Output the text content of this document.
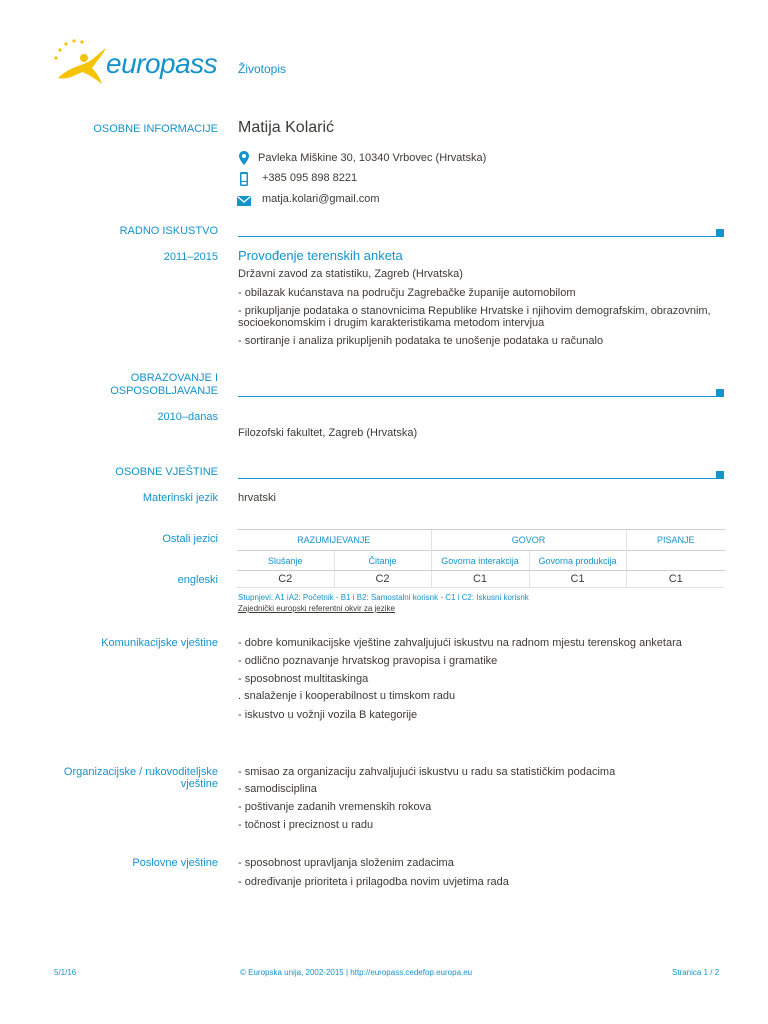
europass Životopis
OSOBNE INFORMACIJE Matija Kolarić
Pavleka Miškine 30, 10340 Vrbovec (Hrvatska)
+385 095 898 8221
matja.kolari@gmail.com
RADNO ISKUSTVO
2011–2015 Provođenje terenskih anketa
Državni zavod za statistiku, Zagreb (Hrvatska)
- obilazak kućanstava na području Zagrebačke županije automobilom
- prikupljanje podataka o stanovnicima Republike Hrvatske i njihovim demografskim, obrazovnim,
socioekonomskim i drugim karakteristikama metodom intervjua
- sortiranje i analiza prikupljenih podataka te unošenje podataka u računalo
OBRAZOVANJE I
OSPOSOBLJAVANJE
2010–danas
Filozofski fakultet, Zagreb (Hrvatska)
OSOBNE VJEŠTINE
Materinski jezik hrvatski
Ostali jezici
engleski
RAZUMIJEVANJE		GOVOR		PISANJE
Slušanje	Čitanje	Govorna interakcija	Govorna produkcija	
C2	C2	C1	C1	C1
Stupnjevi: A1 iA2: Početnik - B1 i B2: Samostalni korisnk - C1 i C2: Iskusni korisnk
Zajednički europski referentni okvir za jezike
Komunikacijske vještine - dobre komunikacijske vještine zahvaljujući iskustvu na radnom mjestu terenskog anketara
- odlično poznavanje hrvatskog pravopisa i gramatike
- sposobnost multitaskinga
. snalaženje i kooperabilnost u timskom radu
- iskustvo u vožnji vozila B kategorije
Organizacijske / rukovoditeljske
vještine
- smisao za organizaciju zahvaljujući iskustvu u radu sa statističkim podacima
- samodisciplina
- poštivanje zadanih vremenskih rokova
- točnost i preciznost u radu
Poslovne vještine - sposobnost upravljanja složenim zadacima
- određivanje prioriteta i prilagodba novim uvjetima rada
5/1/16	© Europska unija, 2002-2015 | http://europass.cedefop.europa.eu	Stranica 1 / 2
